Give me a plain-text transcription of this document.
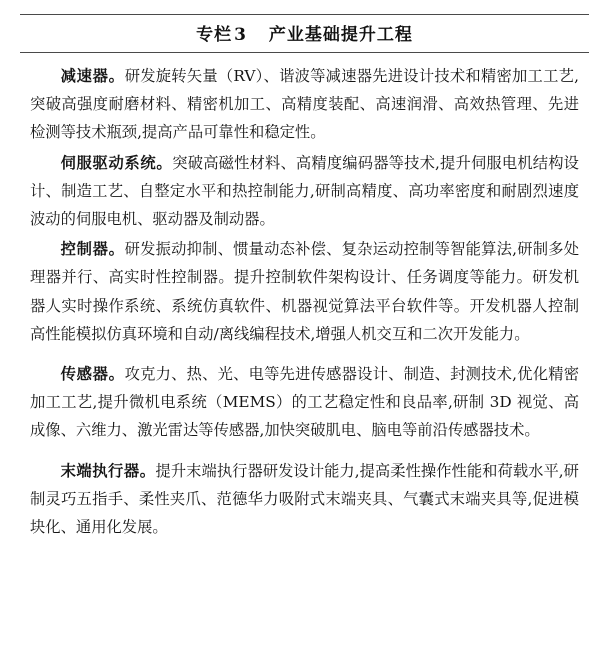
专栏 3 产业基础提升工程

减速器。研发旋转矢量（RV）、谐波等减速器先进设计技术和精密加工工艺,突破高强度耐磨材料、精密机加工、高精度装配、高速润滑、高效热管理、先进检测等技术瓶颈,提高产品可靠性和稳定性。

伺服驱动系统。突破高磁性材料、高精度编码器等技术,提升伺服电机结构设计、制造工艺、自整定水平和热控制能力,研制高精度、高功率密度和耐剧烈速度波动的伺服电机、驱动器及制动器。

控制器。研发振动抑制、惯量动态补偿、复杂运动控制等智能算法,研制多处理器并行、高实时性控制器。提升控制软件架构设计、任务调度等能力。研发机器人实时操作系统、系统仿真软件、机器视觉算法平台软件等。开发机器人控制高性能模拟仿真环境和自动/离线编程技术,增强人机交互和二次开发能力。

传感器。攻克力、热、光、电等先进传感器设计、制造、封测技术,优化精密加工工艺,提升微机电系统（MEMS）的工艺稳定性和良品率,研制 3D 视觉、高成像、六维力、激光雷达等传感器,加快突破肌电、脑电等前沿传感器技术。

末端执行器。提升末端执行器研发设计能力,提高柔性操作性能和荷载水平,研制灵巧五指手、柔性夹爪、范德华力吸附式末端夹具、气囊式末端夹具等,促进模块化、通用化发展。
